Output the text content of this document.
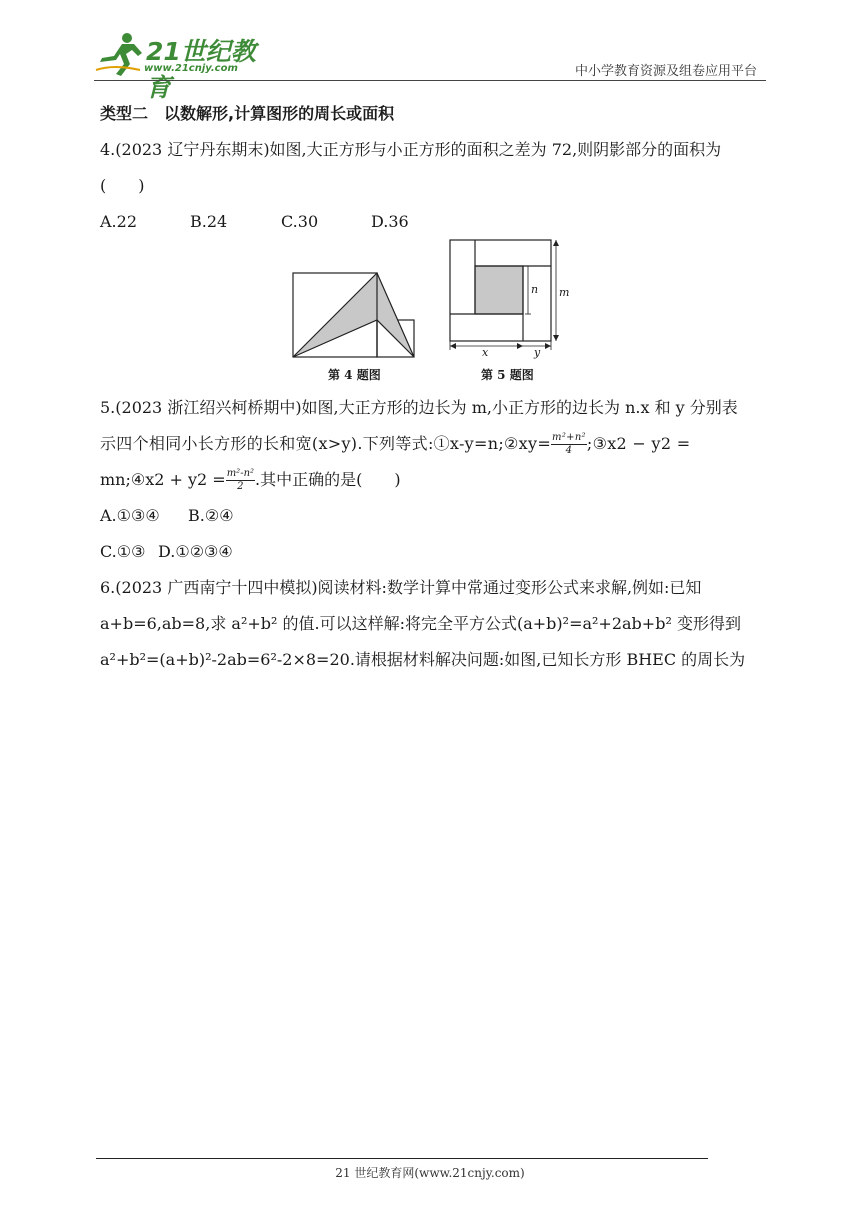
21世纪教育
www.21cnjy.com	中小学教育资源及组卷应用平台
类型二　以数解形,计算图形的周长或面积
4.(2023 辽宁丹东期末)如图,大正方形与小正方形的面积之差为 72,则阴影部分的面积为
(　　)
A.22	B.24	C.30	D.36
第 4 题图
n m
x	y
第 5 题图
5.(2023 浙江绍兴柯桥期中)如图,大正方形的边长为 m,小正方形的边长为 n.x 和 y 分别表
示四个相同小长方形的长和宽(x>y).下列等式:①x-y=n;②xy= $\frac{\text{m²+n²}}{4}$ ;③x2 − y2 =
mn;④x2 + $y2 = \frac{\text{m²-n²}}{2}$ .其中正确的是(　　)
A.①③④ B.②④
C.①③ D.①②③④
6.(2023 广西南宁十四中模拟)阅读材料:数学计算中常通过变形公式来求解,例如:已知
a+b=6,ab=8,求 a²+b² 的值.可以这样解:将完全平方公式(a+b)²=a²+2ab+b² 变形得到
a²+b²=(a+b)²-2ab=6²-2×8=20.请根据材料解决问题:如图,已知长方形 BHEC 的周长为
21 世纪教育网(www.21cnjy.com)
